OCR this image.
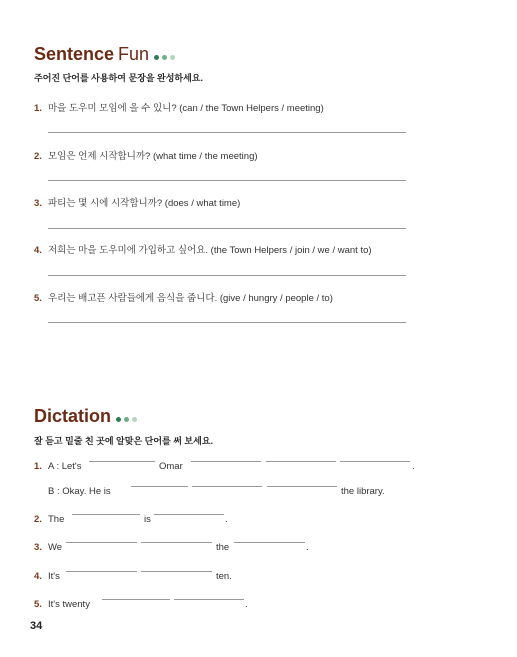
Sentence Fun
주어진 단어를 사용하여 문장을 완성하세요.
1. 마을 도우미 모임에 올 수 있니? (can / the Town Helpers / meeting)
2. 모임은 언제 시작합니까? (what time / the meeting)
3. 파티는 몇 시에 시작합니까? (does / what time)
4. 저희는 마을 도우미에 가입하고 싶어요. (the Town Helpers / join / we / want to)
5. 우리는 배고픈 사람들에게 음식을 줍니다. (give / hungry / people / to)
Dictation
잘 듣고 밑줄 친 곳에 알맞은 단어를 써 보세요.
1. A : Let's	Omar	.
B : Okay. He is	the library.
2. The	is	.
3. We	the	.
4. It's	ten.
5. It's twenty	.
34
